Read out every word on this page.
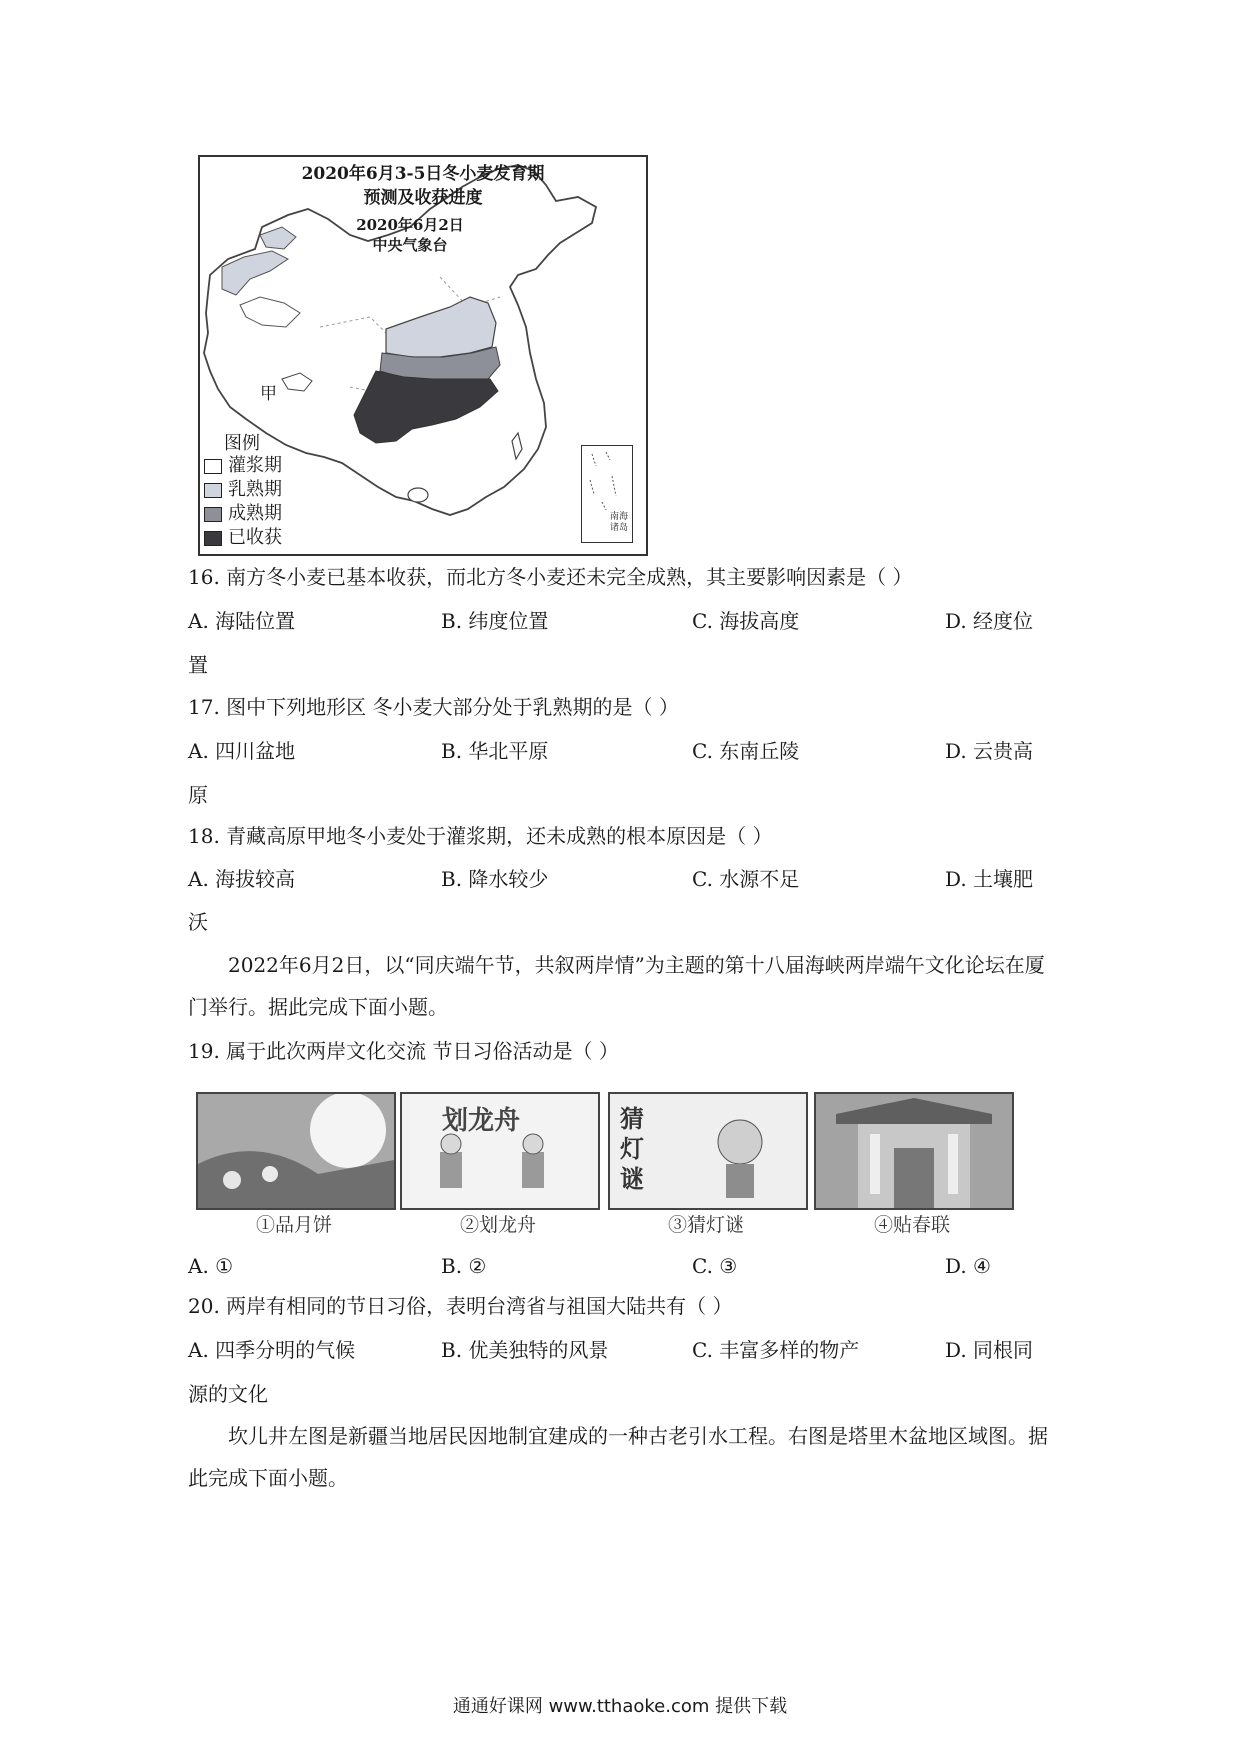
2020年6月3-5日冬小麦发育期
预测及收获进度
2020年6月2日
中央气象台
甲
图例
灌浆期
乳熟期
成熟期
已收获
南海诸岛
16. 南方冬小麦已基本收获，而北方冬小麦还未完全成熟，其主要影响因素是（ ）
A. 海陆位置	B. 纬度位置	C. 海拔高度	D. 经度位
置
17. 图中下列地形区 冬小麦大部分处于乳熟期的是（ ）
A. 四川盆地	B. 华北平原	C. 东南丘陵	D. 云贵高
原
18. 青藏高原甲地冬小麦处于灌浆期，还未成熟的根本原因是（ ）
A. 海拔较高	B. 降水较少	C. 水源不足	D. 土壤肥
沃
2022年6月2日，以“同庆端午节，共叙两岸情”为主题的第十八届海峡两岸端午文化论坛在厦门举行。据此完成下面小题。
19. 属于此次两岸文化交流 节日习俗活动是（ ）
划龙舟	猜灯谜
①品月饼	②划龙舟	③猜灯谜	④贴春联
A. ①	B. ②	C. ③	D. ④
20. 两岸有相同的节日习俗，表明台湾省与祖国大陆共有（ ）
A. 四季分明的气候	B. 优美独特的风景	C. 丰富多样的物产	D. 同根同
源的文化
坎儿井左图是新疆当地居民因地制宜建成的一种古老引水工程。右图是塔里木盆地区域图。据此完成下面小题。
通通好课网 www.tthaoke.com 提供下载
